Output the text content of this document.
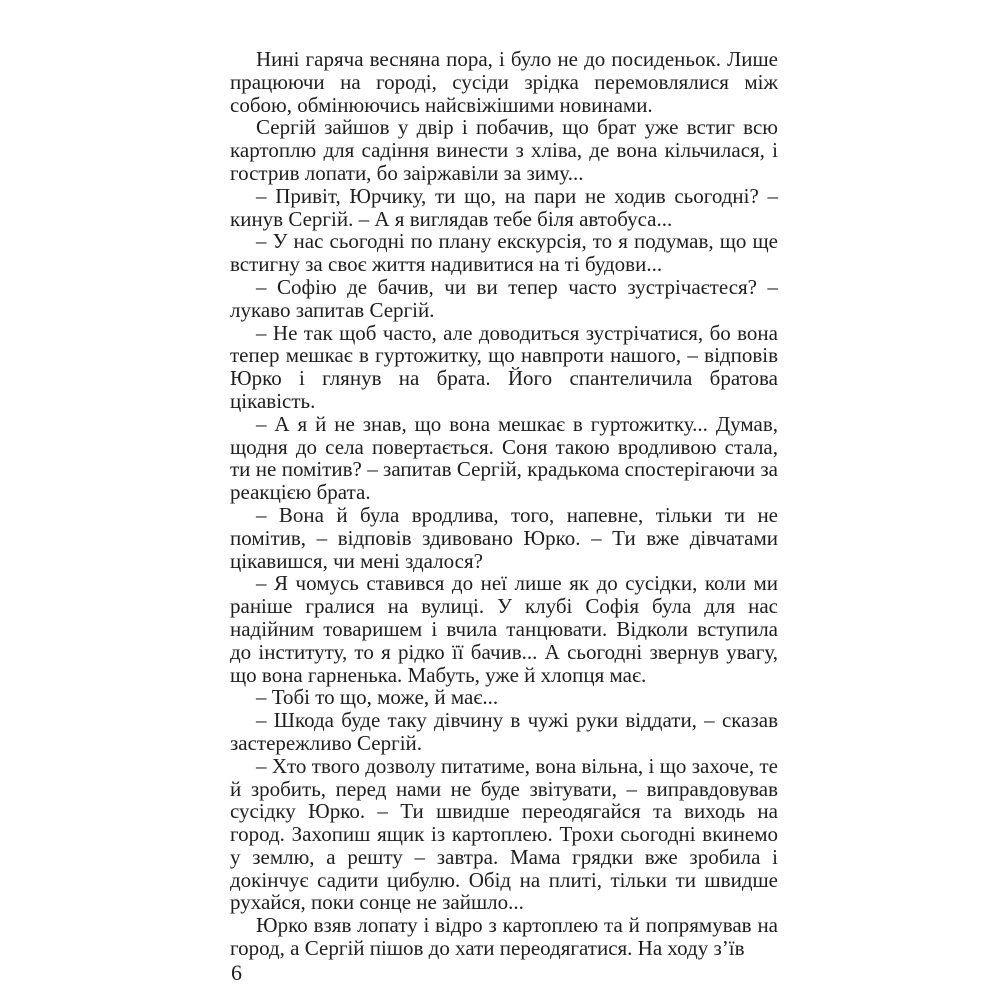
Нині гаряча весняна пора, і було не до посиденьок. Лише працюючи на городі, сусіди зрідка перемовлялися між собою, обмінюючись найсвіжішими новинами.

Сергій зайшов у двір і побачив, що брат уже встиг всю картоплю для садіння винести з хліва, де вона кільчилася, і гострив лопати, бо заіржавіли за зиму...

– Привіт, Юрчику, ти що, на пари не ходив сьогодні? – кинув Сергій. – А я виглядав тебе біля автобуса...

– У нас сьогодні по плану екскурсія, то я подумав, що ще встигну за своє життя надивитися на ті будови...

– Софію де бачив, чи ви тепер часто зустрічаєтеся? – лукаво запитав Сергій.

– Не так щоб часто, але доводиться зустрічатися, бо вона тепер мешкає в гуртожитку, що навпроти нашого, – відповів Юрко і глянув на брата. Його спантеличила братова цікавість.

– А я й не знав, що вона мешкає в гуртожитку... Думав, щодня до села повертається. Соня такою вродливою стала, ти не помітив? – запитав Сергій, крадькома спостерігаючи за реакцією брата.

– Вона й була вродлива, того, напевне, тільки ти не помітив, – відповів здивовано Юрко. – Ти вже дівчатами цікавишся, чи мені здалося?

– Я чомусь ставився до неї лише як до сусідки, коли ми раніше гралися на вулиці. У клубі Софія була для нас надійним товаришем і вчила танцювати. Відколи вступила до інституту, то я рідко її бачив... А сьогодні звернув увагу, що вона гарненька. Мабуть, уже й хлопця має.

– Тобі то що, може, й має...

– Шкода буде таку дівчину в чужі руки віддати, – сказав застережливо Сергій.

– Хто твого дозволу питатиме, вона вільна, і що захоче, те й зробить, перед нами не буде звітувати, – виправдовував сусідку Юрко. – Ти швидше переодягайся та виходь на город. Захопиш ящик із картоплею. Трохи сьогодні вкинемо у землю, а решту – завтра. Мама грядки вже зробила і докінчує садити цибулю. Обід на плиті, тільки ти швидше рухайся, поки сонце не зайшло...

Юрко взяв лопату і відро з картоплею та й попрямував на город, а Сергій пішов до хати переодягатися. На ходу з’їв

6
